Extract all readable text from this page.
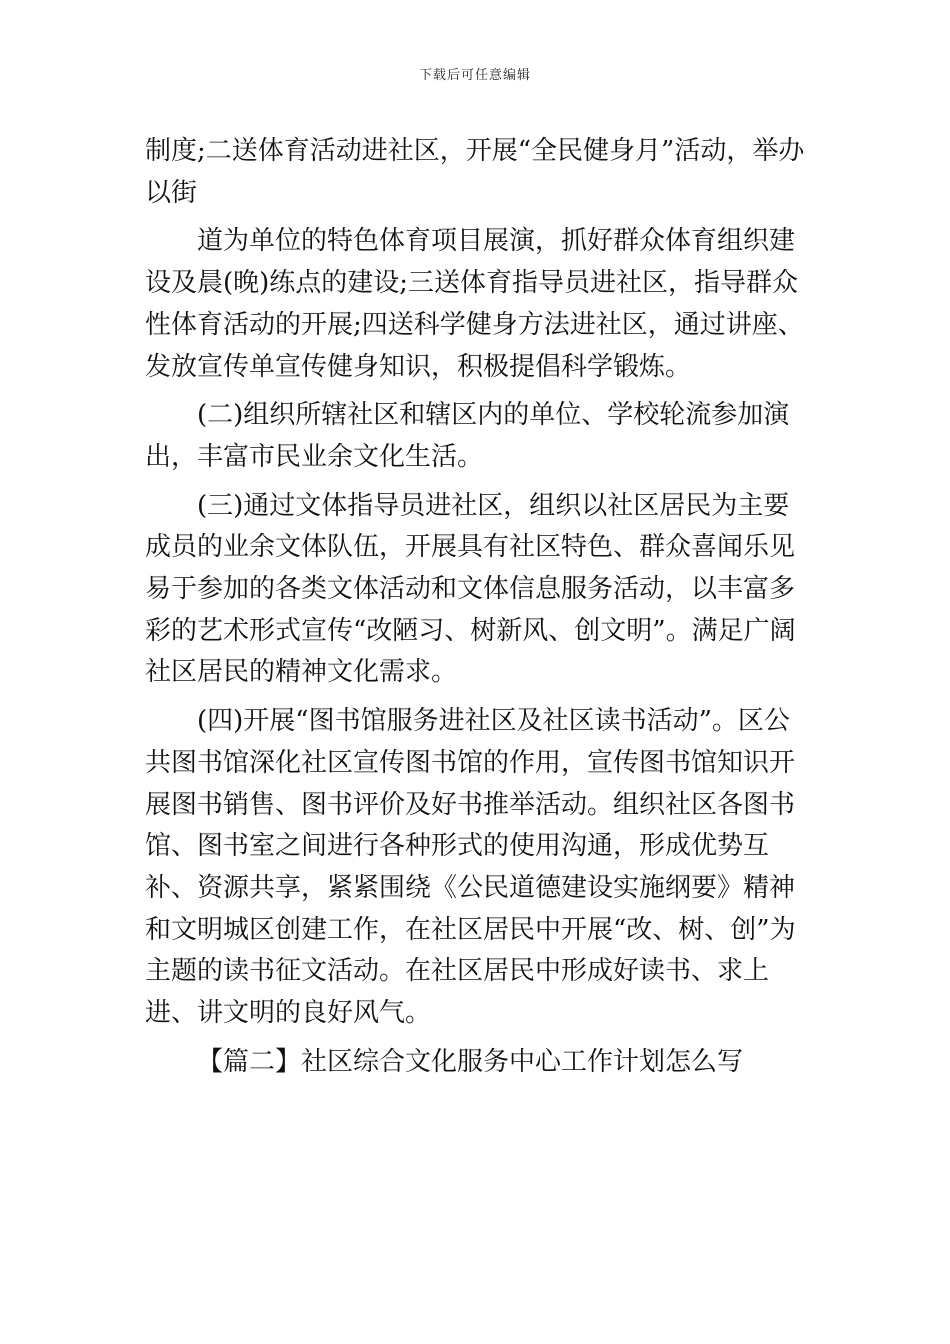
下载后可任意编辑

制度;二送体育活动进社区，开展“全民健身月”活动，举办以街

道为单位的特色体育项目展演，抓好群众体育组织建设及晨(晚)练点的建设;三送体育指导员进社区，指导群众性体育活动的开展;四送科学健身方法进社区，通过讲座、发放宣传单宣传健身知识，积极提倡科学锻炼。

(二)组织所辖社区和辖区内的单位、学校轮流参加演出，丰富市民业余文化生活。

(三)通过文体指导员进社区，组织以社区居民为主要成员的业余文体队伍，开展具有社区特色、群众喜闻乐见易于参加的各类文体活动和文体信息服务活动，以丰富多彩的艺术形式宣传“改陋习、树新风、创文明”。满足广阔社区居民的精神文化需求。

(四)开展“图书馆服务进社区及社区读书活动”。区公共图书馆深化社区宣传图书馆的作用，宣传图书馆知识开展图书销售、图书评价及好书推举活动。组织社区各图书馆、图书室之间进行各种形式的使用沟通，形成优势互补、资源共享，紧紧围绕《公民道德建设实施纲要》精神和文明城区创建工作，在社区居民中开展“改、树、创”为主题的读书征文活动。在社区居民中形成好读书、求上进、讲文明的良好风气。

【篇二】社区综合文化服务中心工作计划怎么写
